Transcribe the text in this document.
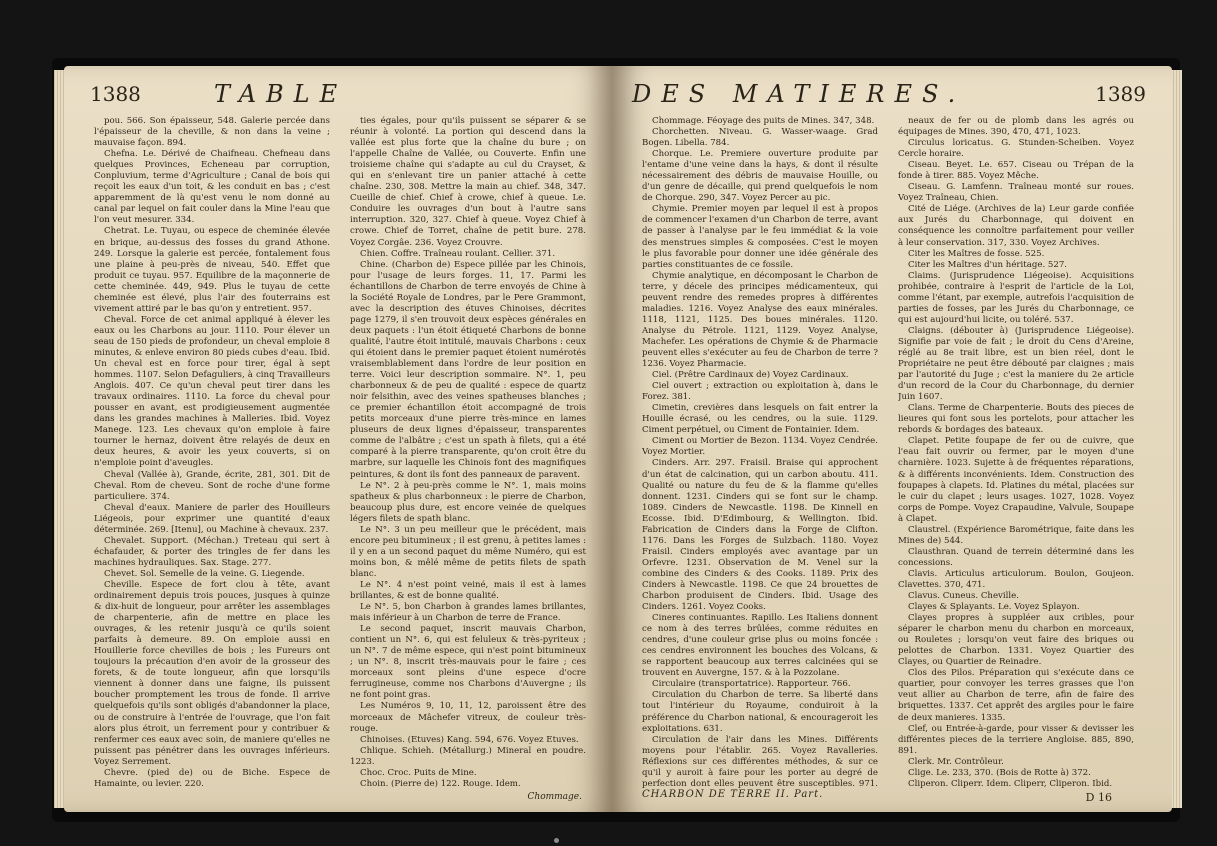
1388	TABLE

pou. 566. Son épaisseur, 548. Galerie percée dans l'épaisseur de la cheville, & non dans la veine ; mauvaise façon. 894.

Chefna. Le. Dérivé de Chaifneau. Chefneau dans quelques Provinces, Echeneau par corruption, Conpluvium, terme d'Agriculture ; Canal de bois qui reçoit les eaux d'un toit, & les conduit en bas ; c'est apparemment de là qu'est venu le nom donné au canal par lequel on fait couler dans la Mine l'eau que l'on veut mesurer. 334.

Chetrat. Le. Tuyau, ou espece de cheminée élevée en brique, au-dessus des fosses du grand Athone. 249. Lorsque la galerie est percée, fontalement fous une plaine à peu-près de niveau, 540. Effet que produit ce tuyau. 957. Equilibre de la maçonnerie de cette cheminée. 449, 949. Plus le tuyau de cette cheminée est élevé, plus l'air des fouterrains est vivement attiré par le bas qu'on y entretient. 957.

Cheval. Force de cet animal appliqué à élever les eaux ou les Charbons au jour. 1110. Pour élever un seau de 150 pieds de profondeur, un cheval emploie 8 minutes, & enleve environ 80 pieds cubes d'eau. Ibid. Un cheval est en force pour tirer, égal à sept hommes. 1107. Selon Defaguliers, à cinq Travailleurs Anglois. 407. Ce qu'un cheval peut tirer dans les travaux ordinaires. 1110. La force du cheval pour pousser en avant, est prodigieusement augmentée dans les grandes machines à Malleries. Ibid. Voyez Manege. 123. Les chevaux qu'on emploie à faire tourner le hernaz, doivent être relayés de deux en deux heures, & avoir les yeux couverts, si on n'emploie point d'aveugles.

Cheval (Vallée à), Grande, écrite, 281, 301. Dit de Cheval. Rom de cheveu. Sont de roche d'une forme particuliere. 374.

Cheval d'eaux. Maniere de parler des Houilleurs Liégeois, pour exprimer une quantité d'eaux déterminée. 269. [Itenu], ou Machine à chevaux. 237.

Chevalet. Support. (Méchan.) Treteau qui sert à échafauder, & porter des tringles de fer dans les machines hydrauliques. Sax. Stage. 277.

Chevet. Sol. Semelle de la veine. G. Liegende.

Cheville. Espece de fort clou à tête, avant ordinairement depuis trois pouces, jusques à quinze & dix-huit de longueur, pour arrêter les assemblages de charpenterie, afin de mettre en place les ouvrages, & les retenir jusqu'à ce qu'ils soient parfaits à demeure. 89. On emploie aussi en Houillerie force chevilles de bois ; les Fureurs ont toujours la précaution d'en avoir de la grosseur des forets, & de toute longueur, afin que lorsqu'ils viennent à donner dans une faigne, ils puissent boucher promptement les trous de fonde. Il arrive quelquefois qu'ils sont obligés d'abandonner la place, ou de construire à l'entrée de l'ouvrage, que l'on fait alors plus étroit, un ferrement pour y contribuer & renfermer ces eaux avec soin, de maniere qu'elles ne puissent pas pénétrer dans les ouvrages inférieurs. Voyez Serrement.

Chevre. (pied de) ou de Biche. Espece de Hamainte, ou levier. 220.

ties égales, pour qu'ils puissent se séparer & se réunir à volonté. La portion qui descend dans la vallée est plus forte que la chaîne du bure ; on l'appelle Chaîne de Vallée, ou Couverte. Enfin une troisieme chaîne qui s'adapte au cul du Crayset, & qui en s'enlevant tire un panier attaché à cette chaîne. 230, 308. Mettre la main au chief. 348, 347. Cueille de chief. Chief à crowe, chief à queue. Le. Conduire les ouvrages d'un bout à l'autre sans interruption. 320, 327. Chief à queue. Voyez Chief à crowe. Chief de Torret, chaîne de petit bure. 278. Voyez Corgâe. 236. Voyez Crouvre.

Chien. Coffre. Traîneau roulant. Cellier. 371.

Chine. (Charbon de) Espece pillée par les Chinois, pour l'usage de leurs forges. 11, 17. Parmi les échantillons de Charbon de terre envoyés de Chine à la Société Royale de Londres, par le Pere Grammont, avec la description des étuves Chinoises, décrites page 1279, il s'en trouvoit deux espèces générales en deux paquets : l'un étoit étiqueté Charbons de bonne qualité, l'autre étoit intitulé, mauvais Charbons : ceux qui étoient dans le premier paquet étoient numérotés vraisemblablement dans l'ordre de leur position en terre. Voici leur description sommaire. N°. 1, peu charbonneux & de peu de qualité : espece de quartz noir felsithin, avec des veines spatheuses blanches ; ce premier échantillon étoit accompagné de trois petits morceaux d'une pierre très-mince en lames pluseurs de deux lignes d'épaisseur, transparentes comme de l'albâtre ; c'est un spath à filets, qui a été comparé à la pierre transparente, qu'on croit être du marbre, sur laquelle les Chinois font des magnifiques peintures, & dont ils font des panneaux de paravent.

Le N°. 2 à peu-près comme le N°. 1, mais moins spatheux & plus charbonneux : le pierre de Charbon, beaucoup plus dure, est encore veinée de quelques légers filets de spath blanc.

Le N°. 3 un peu meilleur que le précédent, mais encore peu bitumineux ; il est grenu, à petites lames : il y en a un second paquet du même Numéro, qui est moins bon, & mêlé même de petits filets de spath blanc.

Le N°. 4 n'est point veiné, mais il est à lames brillantes, & est de bonne qualité.

Le N°. 5, bon Charbon à grandes lames brillantes, mais inférieur à un Charbon de terre de France.

Le second paquet, inscrit mauvais Charbon, contient un N°. 6, qui est feluleux & très-pyriteux ; un N°. 7 de même espece, qui n'est point bitumineux ; un N°. 8, inscrit très-mauvais pour le faire ; ces morceaux sont pleins d'une espece d'ocre ferrugineuse, comme nos Charbons d'Auvergne ; ils ne font point gras.

Les Numéros 9, 10, 11, 12, paroissent être des morceaux de Mâchefer vitreux, de couleur très-rouge.

Chinoises. (Etuves) Kang. 594, 676. Voyez Etuves.

Chlique. Schieh. (Métallurg.) Mineral en poudre. 1223.

Choc. Croc. Puits de Mine.

Choin. (Pierre de) 122. Rouge. Idem.

Chommage.
DES MATIERES.	1389

Chommage. Féoyage des puits de Mines. 347, 348.

Chorchetten. Niveau. G. Wasser-waage. Grad Bogen. Libella. 784.

Chorque. Le. Premiere ouverture produite par l'entame d'une veine dans la hays, & dont il résulte nécessairement des débris de mauvaise Houille, ou d'un genre de décaille, qui prend quelquefois le nom de Chorque. 290, 347. Voyez Percer au pic.

Chymie. Premier moyen par lequel il est à propos de commencer l'examen d'un Charbon de terre, avant de passer à l'analyse par le feu immédiat & la voie des menstrues simples & composées. C'est le moyen le plus favorable pour donner une idée générale des parties constituantes de ce fossile.

Chymie analytique, en décomposant le Charbon de terre, y décele des principes médicamenteux, qui peuvent rendre des remedes propres à différentes maladies. 1216. Voyez Analyse des eaux minérales. 1118, 1121, 1125. Des boues minérales. 1120. Analyse du Pétrole. 1121, 1129. Voyez Analyse, Machefer. Les opérations de Chymie & de Pharmacie peuvent elles s'exécuter au feu de Charbon de terre ? 1236. Voyez Pharmacie.

Ciel. (Prêtre Cardinaux de) Voyez Cardinaux.

Ciel ouvert ; extraction ou exploitation à, dans le Forez. 381.

Cimetin, crevières dans lesquels on fait entrer la Houille écrasé, ou les cendres, ou la suie. 1129. Ciment perpétuel, ou Ciment de Fontainier. Idem.

Ciment ou Mortier de Bezon. 1134. Voyez Cendrée. Voyez Mortier.

Cinders. Arr. 297. Fraisil. Braise qui approchent d'un état de calcination, qui un carbon aboutu. 411. Qualité ou nature du feu de & la flamme qu'elles donnent. 1231. Cinders qui se font sur le champ. 1089. Cinders de Newcastle. 1198. De Kinnell en Ecosse. Ibid. D'Edimbourg, & Wellington. Ibid. Fabrication de Cinders dans la Forge de Clifton. 1176. Dans les Forges de Sulzbach. 1180. Voyez Fraisil. Cinders employés avec avantage par un Orfevre. 1231. Observation de M. Venel sur la combine des Cinders & des Cooks. 1189. Prix des Cinders à Newcastle. 1198. Ce que 24 brouettes de Charbon produisent de Cinders. Ibid. Usage des Cinders. 1261. Voyez Cooks.

Cineres continuantes. Rapillo. Les Italiens donnent ce nom à des terres brûlées, comme réduites en cendres, d'une couleur grise plus ou moins foncée : ces cendres environnent les bouches des Volcans, & se rapportent beaucoup aux terres calcinées qui se trouvent en Auvergne, 157. & à la Pozzolane.

Circulaire (transportatrice). Rapporteur. 766.

Circulation du Charbon de terre. Sa liberté dans tout l'intérieur du Royaume, conduiroit à la préférence du Charbon national, & encourageroit les exploitations. 631.

Circulation de l'air dans les Mines. Différents moyens pour l'établir. 265. Voyez Ravalleries. Réflexions sur ces différentes méthodes, & sur ce qu'il y auroit à faire pour les porter au degré de perfection dont elles peuvent être susceptibles. 971.

neaux de fer ou de plomb dans les agrés ou équipages de Mines. 390, 470, 471, 1023.

Circulus loricatus. G. Stunden-Scheiben. Voyez Cercle horaire.

Ciseau. Beyet. Le. 657. Ciseau ou Trépan de la fonde à tirer. 885. Voyez Mêche.

Ciseau. G. Lamfenn. Traîneau monté sur roues. Voyez Traîneau, Chien.

Cité de Liége. (Archives de la) Leur garde confiée aux Jurés du Charbonnage, qui doivent en conséquence les connoître parfaitement pour veiller à leur conservation. 317, 330. Voyez Archives.

Citer les Maîtres de fosse. 525.

Citer les Maîtres d'un héritage. 527.

Claims. (Jurisprudence Liégeoise). Acquisitions prohibée, contraire à l'esprit de l'article de la Loi, comme l'étant, par exemple, autrefois l'acquisition de parties de fosses, par les Jurés du Charbonnage, ce qui est aujourd'hui licite, ou toléré. 537.

Claigns. (débouter à) (Jurisprudence Liégeoise). Signifie par voie de fait ; le droit du Cens d'Areine, réglé au 8e trait libre, est un bien réel, dont le Propriétaire ne peut être débouté par claignes ; mais par l'autorité du Juge ; c'est la maniere du 2e article d'un record de la Cour du Charbonnage, du dernier Juin 1607.

Clans. Terme de Charpenterie. Bouts des pieces de lieures qui font sous les portelots, pour attacher les rebords & bordages des bateaux.

Clapet. Petite foupape de fer ou de cuivre, que l'eau fait ouvrir ou fermer, par le moyen d'une charnière. 1023. Sujette à de fréquentes réparations, & à différents inconvénients. Idem. Construction des foupapes à clapets. Id. Platines du métal, placées sur le cuir du clapet ; leurs usages. 1027, 1028. Voyez corps de Pompe. Voyez Crapaudine, Valvule, Soupape à Clapet.

Claustrel. (Expérience Barométrique, faite dans les Mines de) 544.

Clausthran. Quand de terrein déterminé dans les concessions.

Clavis. Articulus articulorum. Boulon, Goujeon. Clavettes. 370, 471.

Clavus. Cuneus. Cheville.

Clayes & Splayants. Le. Voyez Splayon.

Clayes propres à suppléer aux cribles, pour séparer le charbon menu du charbon en morceaux, ou Rouletes ; lorsqu'on veut faire des briques ou pelottes de Charbon. 1331. Voyez Quartier des Clayes, ou Quartier de Reinadre.

Clos des Pilos. Préparation qui s'exécute dans ce quartier, pour convoyer les terres grasses que l'on veut allier au Charbon de terre, afin de faire des briquettes. 1337. Cet apprêt des argiles pour le faire de deux manieres. 1335.

Clef, ou Entrée-à-garde, pour visser & devisser les différentes pieces de la terriere Angloise. 885, 890, 891.

Clerk. Mr. Contrôleur.

Clige. Le. 233, 370. (Bois de Rotte à) 372.

Cliperon. Cliperr. Idem. Cliperr, Cliperon. Ibid.

CHARBON DE TERRE II. Part.	D 16
